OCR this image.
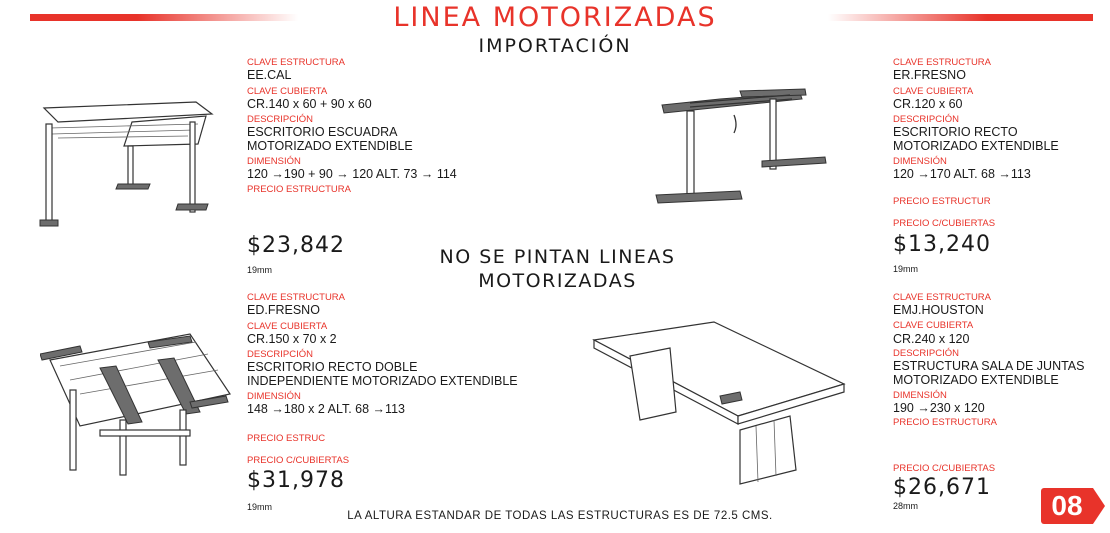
LINEA MOTORIZADAS
IMPORTACIÓN
CLAVE ESTRUCTURA
EE.CAL
CLAVE CUBIERTA
CR.140 x 60 + 90 x 60
DESCRIPCIÓN
ESCRITORIO ESCUADRA
MOTORIZADO EXTENDIBLE
DIMENSIÓN
120 →190 + 90 → 120 ALT. 73 → 114
PRECIO ESTRUCTURA
$23,842
19mm
CLAVE ESTRUCTURA
ER.FRESNO
CLAVE CUBIERTA
CR.120 x 60
DESCRIPCIÓN
ESCRITORIO RECTO
MOTORIZADO EXTENDIBLE
DIMENSIÓN
120 →170 ALT. 68 →113
PRECIO ESTRUCTUR
PRECIO C/CUBIERTAS
$13,240
19mm
NO SE PINTAN LINEAS
MOTORIZADAS
CLAVE ESTRUCTURA
ED.FRESNO
CLAVE CUBIERTA
CR.150 x 70 x 2
DESCRIPCIÓN
ESCRITORIO RECTO DOBLE
INDEPENDIENTE MOTORIZADO EXTENDIBLE
DIMENSIÓN
148 →180 x 2 ALT. 68 →113
PRECIO ESTRUC
PRECIO C/CUBIERTAS
$31,978
19mm
CLAVE ESTRUCTURA
EMJ.HOUSTON
CLAVE CUBIERTA
CR.240 x 120
DESCRIPCIÓN
ESTRUCTURA SALA DE JUNTAS
MOTORIZADO EXTENDIBLE
DIMENSIÓN
190 →230 x 120
PRECIO ESTRUCTURA
PRECIO C/CUBIERTAS
$26,671
28mm
LA ALTURA ESTANDAR DE TODAS LAS ESTRUCTURAS ES DE 72.5 CMS.	08
